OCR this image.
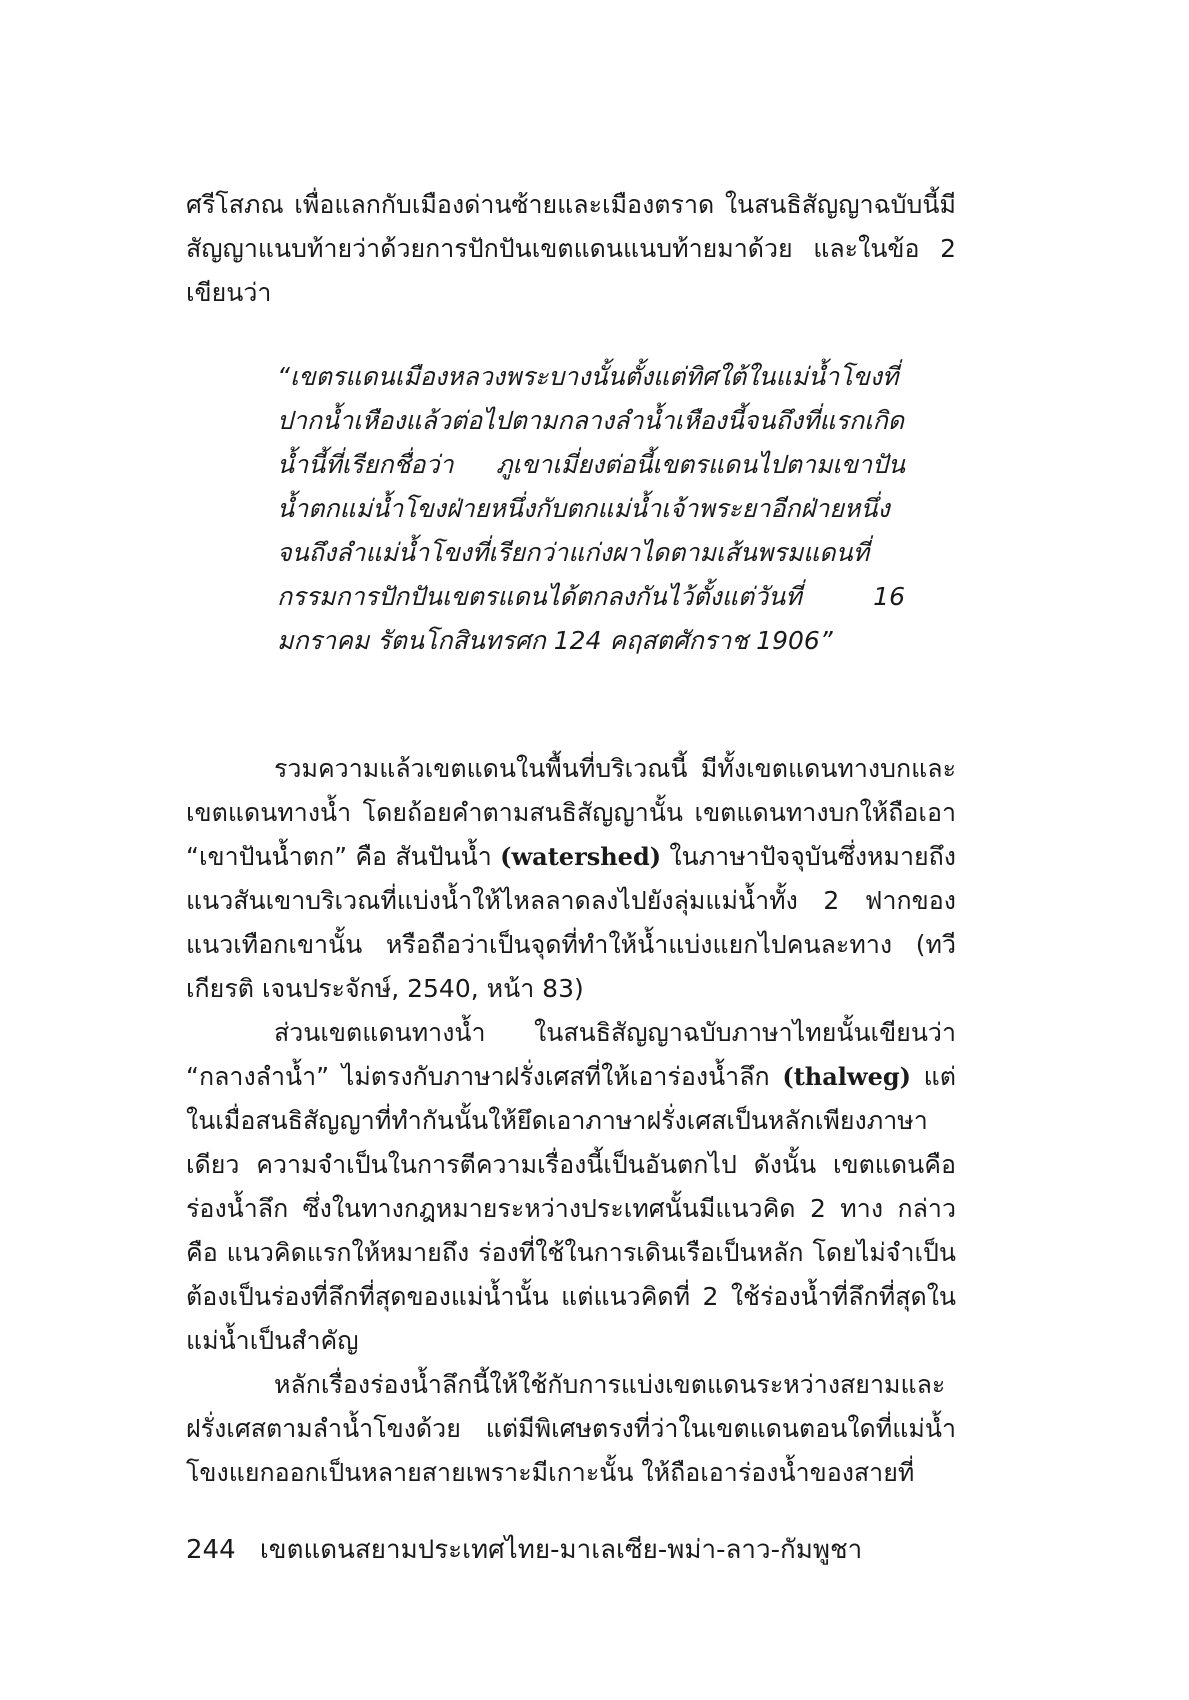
ศรีโสภณ เพื่อแลกกับเมืองด่านซ้ายและเมืองตราด ในสนธิสัญญาฉบับนี้มีสัญญาแนบท้ายว่าด้วยการปักปันเขตแดนแนบท้ายมาด้วย และในข้อ 2 เขียนว่า

“เขตรแดนเมืองหลวงพระบางนั้นตั้งแต่ทิศใต้ในแม่น้ำโขงที่ปากน้ำเหืองแล้วต่อไปตามกลางลำน้ำเหืองนี้จนถึงที่แรกเกิดน้ำนี้ที่เรียกชื่อว่า ภูเขาเมี่ยงต่อนี้เขตรแดนไปตามเขาปันน้ำตกแม่น้ำโขงฝ่ายหนึ่งกับตกแม่น้ำเจ้าพระยาอีกฝ่ายหนึ่ง จนถึงลำแม่น้ำโขงที่เรียกว่าแก่งผาไดตามเส้นพรมแดนที่กรรมการปักปันเขตรแดนได้ตกลงกันไว้ตั้งแต่วันที่ 16 มกราคม รัตนโกสินทรศก 124 คฤสตศักราช 1906”

รวมความแล้วเขตแดนในพื้นที่บริเวณนี้ มีทั้งเขตแดนทางบกและเขตแดนทางน้ำ โดยถ้อยคำตามสนธิสัญญานั้น เขตแดนทางบกให้ถือเอา “เขาปันน้ำตก” คือ สันปันน้ำ (watershed) ในภาษาปัจจุบันซึ่งหมายถึง แนวสันเขาบริเวณที่แบ่งน้ำให้ไหลลาดลงไปยังลุ่มแม่น้ำทั้ง 2 ฟากของแนวเทือกเขานั้น หรือถือว่าเป็นจุดที่ทำให้น้ำแบ่งแยกไปคนละทาง (ทวีเกียรติ เจนประจักษ์, 2540, หน้า 83)

ส่วนเขตแดนทางน้ำ ในสนธิสัญญาฉบับภาษาไทยนั้นเขียนว่า “กลางลำน้ำ” ไม่ตรงกับภาษาฝรั่งเศสที่ให้เอาร่องน้ำลึก (thalweg) แต่ในเมื่อสนธิสัญญาที่ทำกันนั้นให้ยึดเอาภาษาฝรั่งเศสเป็นหลักเพียงภาษาเดียว ความจำเป็นในการตีความเรื่องนี้เป็นอันตกไป ดังนั้น เขตแดนคือร่องน้ำลึก ซึ่งในทางกฎหมายระหว่างประเทศนั้นมีแนวคิด 2 ทาง กล่าวคือ แนวคิดแรกให้หมายถึง ร่องที่ใช้ในการเดินเรือเป็นหลัก โดยไม่จำเป็นต้องเป็นร่องที่ลึกที่สุดของแม่น้ำนั้น แต่แนวคิดที่ 2 ใช้ร่องน้ำที่ลึกที่สุดในแม่น้ำเป็นสำคัญ

หลักเรื่องร่องน้ำลึกนี้ให้ใช้กับการแบ่งเขตแดนระหว่างสยามและฝรั่งเศสตามลำน้ำโขงด้วย แต่มีพิเศษตรงที่ว่าในเขตแดนตอนใดที่แม่น้ำโขงแยกออกเป็นหลายสายเพราะมีเกาะนั้น ให้ถือเอาร่องน้ำของสายที่

244 เขตแดนสยามประเทศไทย-มาเลเซีย-พม่า-ลาว-กัมพูชา
